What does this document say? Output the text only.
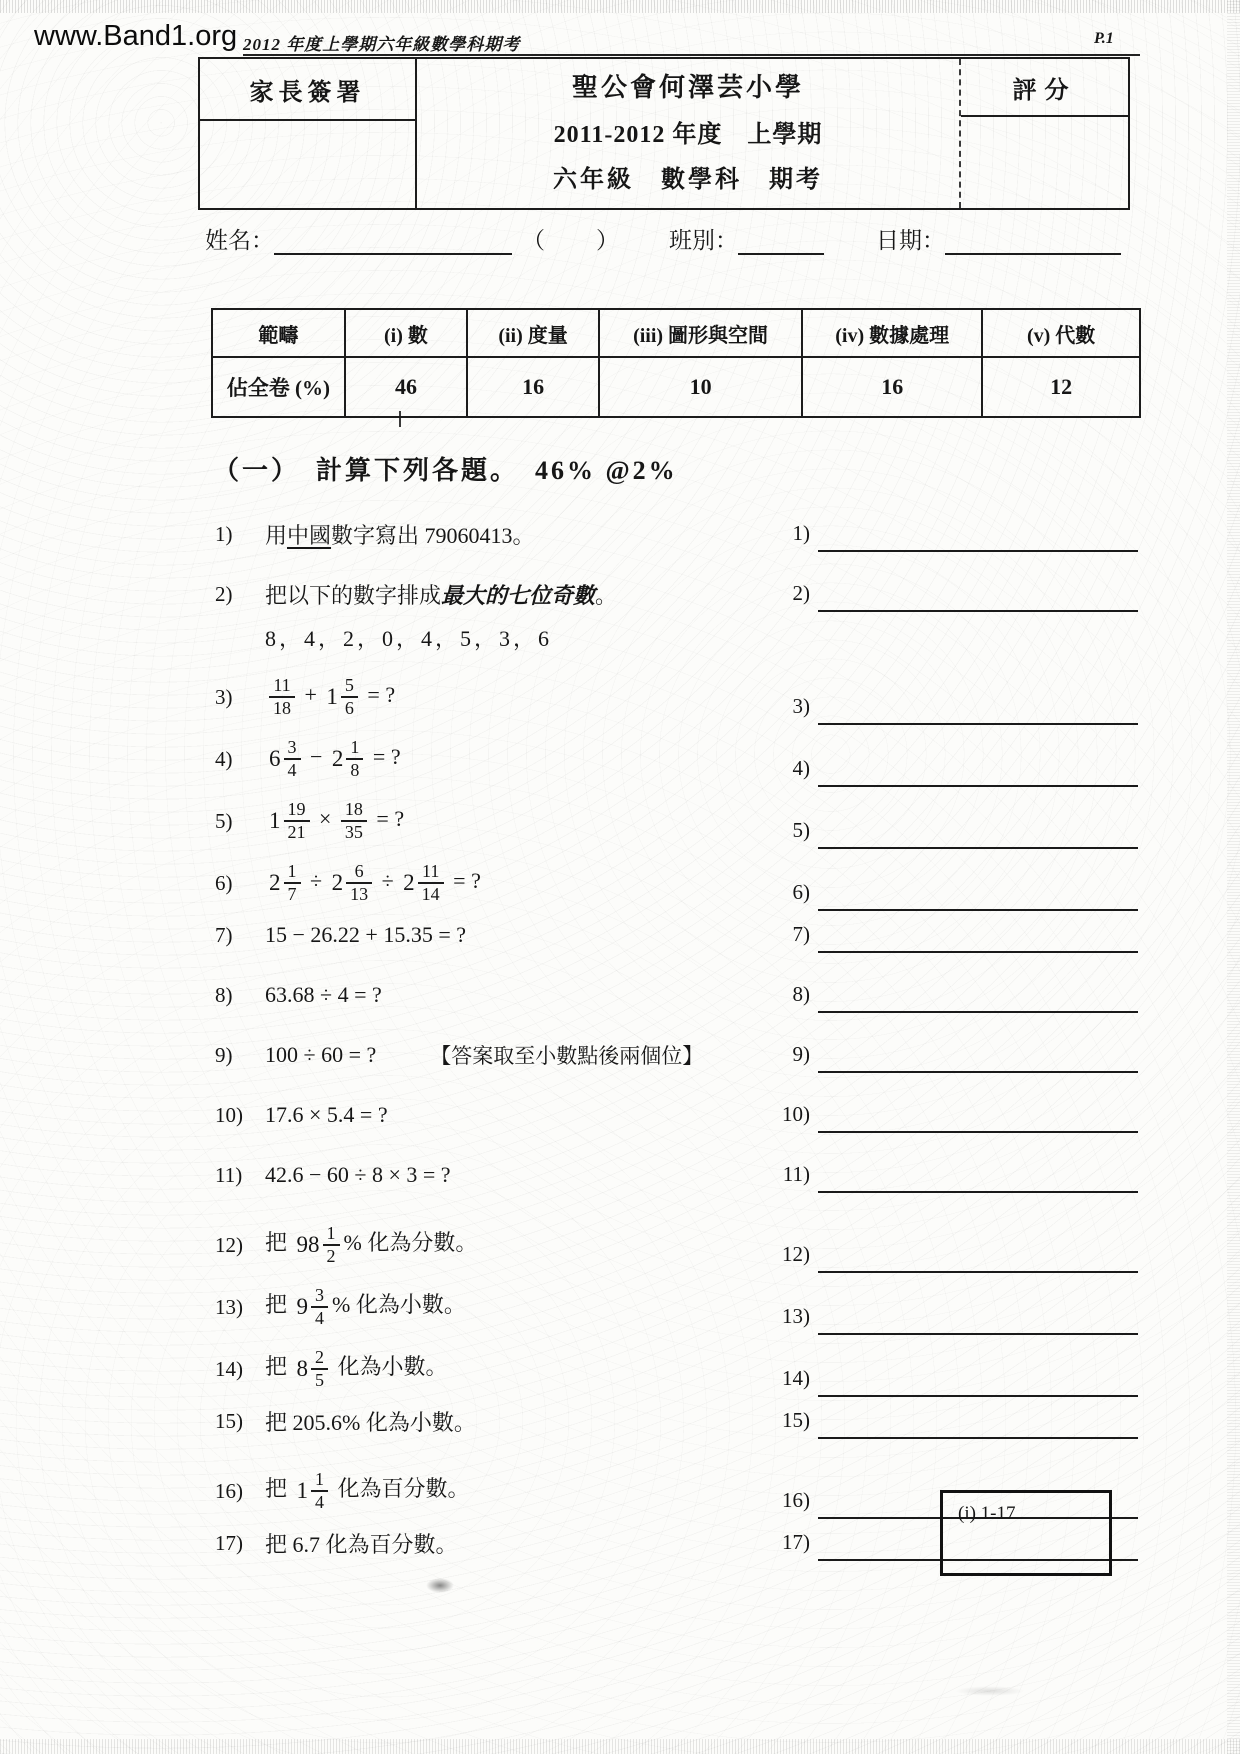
www.Band1.org 2012 年度上學期六年級數學科期考	P.1
家長簽署	聖公會何澤芸小學
2011-2012 年度　上學期
六年級　數學科　期考
評分
姓名：	（　） 班別：	日期：
範疇	(i) 數	(ii) 度量	(iii) 圖形與空間	(iv) 數據處理	(v) 代數
佔全卷 (%)	46	16	10	16	12
（一）　計算下列各題。　46% @2%
1)	用中國數字寫出 79060413。	1)
2)	把以下的數字排成最大的七位奇數。	2)
8，4，2，0，4，5，3，6
3)	$\frac{11}{18} + 1 \frac{5}{6}$ = ?	3)
4)	$6 \frac{3}{4} - 2 \frac{1}{8}$ = ?	4)
5)	$1 \frac{19}{21} \times \frac{18}{35}$ = ?	5)
6)	$2 \frac{1}{7} \div 2 \frac{6}{13} \div 2 \frac{11}{14}$ = ?	6)
7)	15 − 26.22 + 15.35 = ?	7)
8)	63.68 ÷ 4 = ?	8)
9)	100 ÷ 60 = ?	【答案取至小數點後兩個位】	9)
10)	17.6 × 5.4 = ?	10)
11)	42.6 − 60 ÷ 8 × 3 = ?	11)
12)	把 $98 \frac{1}{2}$ % 化為分數。	12)
13)	把 $9 \frac{3}{4}$ % 化為小數。	13)
14)	把 $8 \frac{2}{5}$ 化為小數。	14)
15)	把 205.6% 化為小數。	15)
16)	把 $1 \frac{1}{4}$ 化為百分數。	16)
17)	把 6.7 化為百分數。	17)
(i) 1-17
